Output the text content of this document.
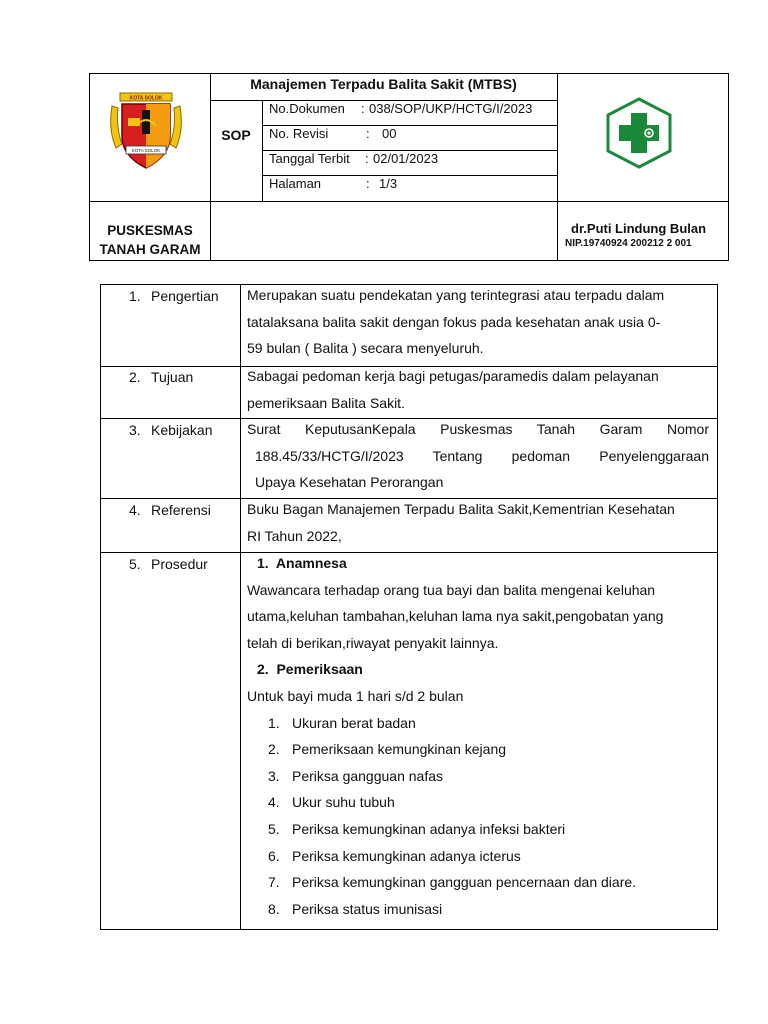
KOTA SOLOK
KOTA SOLOK
Manajemen Terpadu Balita Sakit (MTBS)
SOP
No.Dokumen : 038/SOP/UKP/HCTG/I/2023
No. Revisi	: 00
Tanggal Terbit : 02/01/2023
Halaman	: 1/3
PUSKESMAS
TANAH GARAM
dr.Puti Lindung Bulan
NIP.19740924 200212 2 001
1. Pengertian Merupakan suatu pendekatan yang terintegrasi atau terpadu dalam
tatalaksana balita sakit dengan fokus pada kesehatan anak usia 0-
59 bulan ( Balita ) secara menyeluruh.
2. Tujuan	Sabagai pedoman kerja bagi petugas/paramedis dalam pelayanan
pemeriksaan Balita Sakit.
3. Kebijakan Surat KeputusanKepala Puskesmas Tanah Garam Nomor
188.45/33/HCTG/I/2023 Tentang pedoman Penyelenggaraan
Upaya Kesehatan Perorangan
4. Referensi	Buku Bagan Manajemen Terpadu Balita Sakit,Kementrian Kesehatan
RI Tahun 2022,
5. Prosedur	1.  Anamnesa
Wawancara terhadap orang tua bayi dan balita mengenai keluhan
utama,keluhan tambahan,keluhan lama nya sakit,pengobatan yang
telah di berikan,riwayat penyakit lainnya.
2.  Pemeriksaan
Untuk bayi muda 1 hari s/d 2 bulan
1. Ukuran berat badan
2. Pemeriksaan kemungkinan kejang
3. Periksa gangguan nafas
4. Ukur suhu tubuh
5. Periksa kemungkinan adanya infeksi bakteri
6. Periksa kemungkinan adanya icterus
7. Periksa kemungkinan gangguan pencernaan dan diare.
8. Periksa status imunisasi
